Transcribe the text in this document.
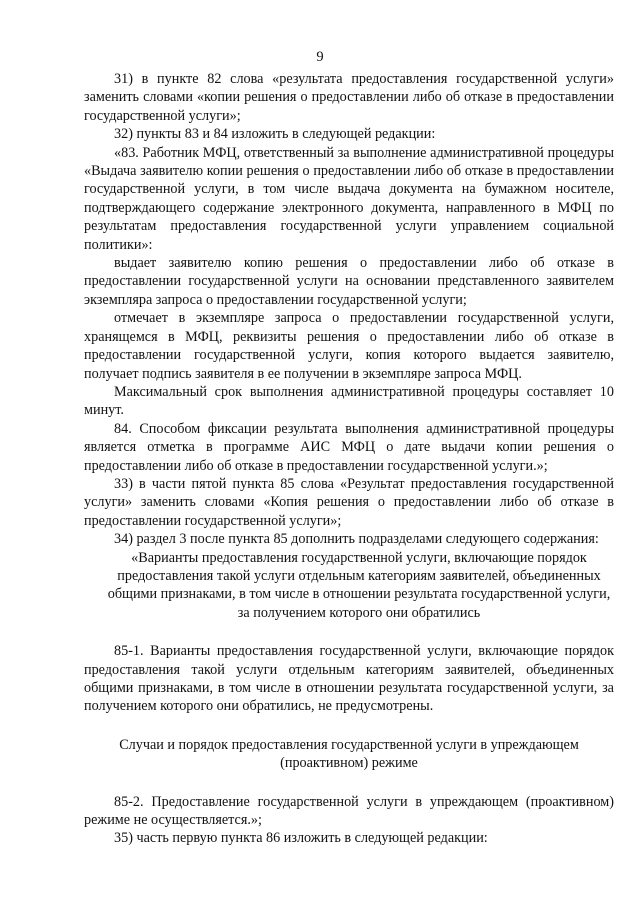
9

31) в пункте 82 слова «результата предоставления государственной услуги» заменить словами «копии решения о предоставлении либо об отказе в предоставлении государственной услуги»;

32) пункты 83 и 84 изложить в следующей редакции:

«83. Работник МФЦ, ответственный за выполнение административной процедуры «Выдача заявителю копии решения о предоставлении либо об отказе в предоставлении государственной услуги, в том числе выдача документа на бумажном носителе, подтверждающего содержание электронного документа, направленного в МФЦ по результатам предоставления государственной услуги управлением социальной политики»:

выдает заявителю копию решения о предоставлении либо об отказе в предоставлении государственной услуги на основании представленного заявителем экземпляра запроса о предоставлении государственной услуги;

отмечает в экземпляре запроса о предоставлении государственной услуги, хранящемся в МФЦ, реквизиты решения о предоставлении либо об отказе в предоставлении государственной услуги, копия которого выдается заявителю, получает подпись заявителя в ее получении в экземпляре запроса МФЦ.

Максимальный срок выполнения административной процедуры составляет 10 минут.

84. Способом фиксации результата выполнения административной процедуры является отметка в программе АИС МФЦ о дате выдачи копии решения о предоставлении либо об отказе в предоставлении государственной услуги.»;

33) в части пятой пункта 85 слова «Результат предоставления государственной услуги» заменить словами «Копия решения о предоставлении либо об отказе в предоставлении государственной услуги»;

34) раздел 3 после пункта 85 дополнить подразделами следующего содержания:

«Варианты предоставления государственной услуги, включающие порядок предоставления такой услуги отдельным категориям заявителей, объединенных общими признаками, в том числе в отношении результата государственной услуги, за получением которого они обратились

85-1. Варианты предоставления государственной услуги, включающие порядок предоставления такой услуги отдельным категориям заявителей, объединенных общими признаками, в том числе в отношении результата государственной услуги, за получением которого они обратились, не предусмотрены.

Случаи и порядок предоставления государственной услуги в упреждающем (проактивном) режиме

85-2. Предоставление государственной услуги в упреждающем (проактивном) режиме не осуществляется.»;

35) часть первую пункта 86 изложить в следующей редакции:
